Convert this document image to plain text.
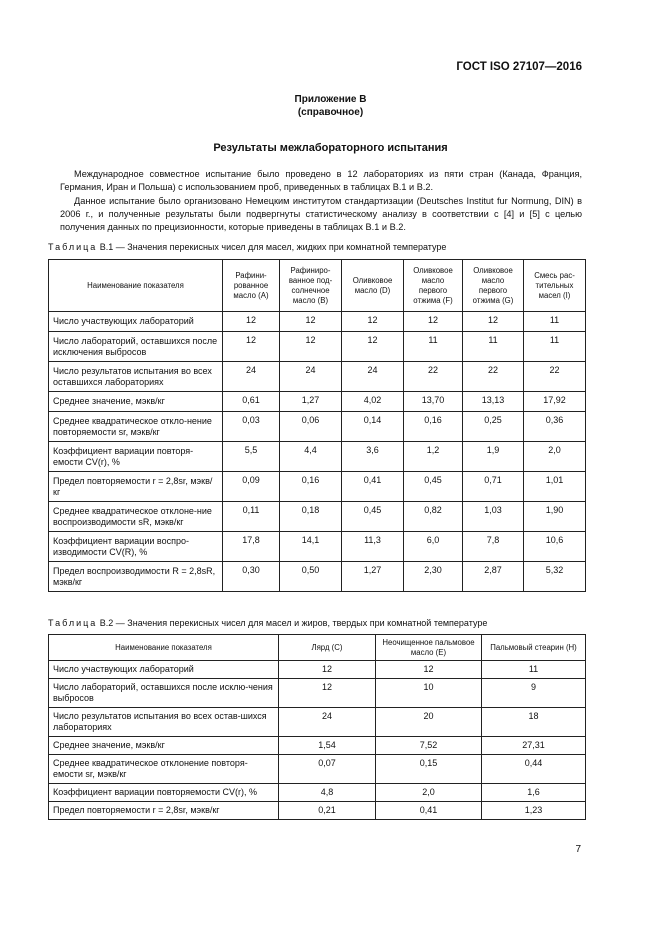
ГОСТ ISO 27107—2016
Приложение В
(справочное)
Результаты межлабораторного испытания

Международное совместное испытание было проведено в 12 лабораториях из пяти стран (Канада, Франция, Германия, Иран и Польша) с использованием проб, приведенных в таблицах В.1 и В.2.

Данное испытание было организовано Немецким институтом стандартизации (Deutsches Institut fur Normung, DIN) в 2006 г., и полученные результаты были подвергнуты статистическому анализу в соответствии с [4] и [5] с целью получения данных по прецизионности, которые приведены в таблицах В.1 и В.2.

Таблица В.1 — Значения перекисных чисел для масел, жидких при комнатной температуре
Наименование показателя	Рафини-рованное масло (А)	Рафиниро-ванное под-солнечное масло (В)	Оливковое масло (D)	Оливковое масло первого отжима (F)	Оливковое масло первого отжима (G)	Смесь рас-тительных масел (I)
Число участвующих лабораторий	12	12	12	12	12	11
Число лабораторий, оставшихся после исключения выбросов	12	12	12	11	11	11
Число результатов испытания во всех оставшихся лабораториях	24	24	24	22	22	22
Среднее значение, мэкв/кг	0,61	1,27	4,02	13,70	13,13	17,92
Среднее квадратическое откло-нение повторяемости sr, мэкв/кг	0,03	0,06	0,14	0,16	0,25	0,36
Коэффициент вариации повторя-емости CV(r), %	5,5	4,4	3,6	1,2	1,9	2,0
Предел повторяемости r = 2,8sr, мэкв/кг	0,09	0,16	0,41	0,45	0,71	1,01
Среднее квадратическое отклоне-ние воспроизводимости sR, мэкв/кг	0,11	0,18	0,45	0,82	1,03	1,90
Коэффициент вариации воспро-изводимости CV(R), %	17,8	14,1	11,3	6,0	7,8	10,6
Предел воспроизводимости R = 2,8sR, мэкв/кг	0,30	0,50	1,27	2,30	2,87	5,32
Таблица В.2 — Значения перекисных чисел для масел и жиров, твердых при комнатной температуре
Наименование показателя	Лярд (С)	Неочищенное пальмовое масло (Е)	Пальмовый стеарин (Н)
Число участвующих лабораторий	12	12	11
Число лабораторий, оставшихся после исклю-чения выбросов	12	10	9
Число результатов испытания во всех остав-шихся лабораториях	24	20	18
Среднее значение, мэкв/кг	1,54	7,52	27,31
Среднее квадратическое отклонение повторя-емости sr, мэкв/кг	0,07	0,15	0,44
Коэффициент вариации повторяемости CV(r), %	4,8	2,0	1,6
Предел повторяемости r = 2,8sr, мэкв/кг	0,21	0,41	1,23
7
